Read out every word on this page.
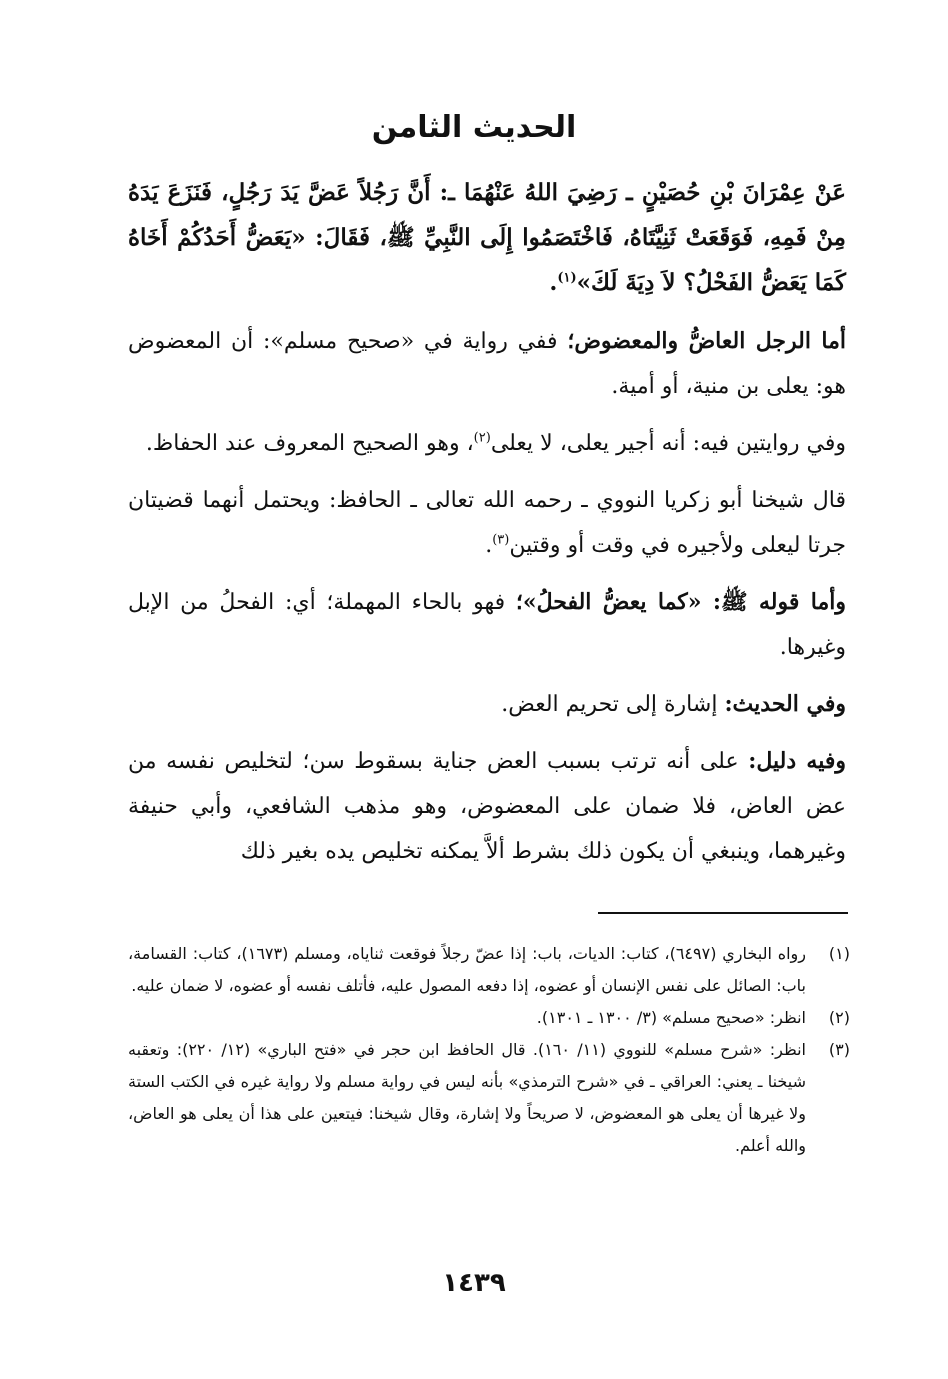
الحديث الثامن

عَنْ عِمْرَانَ بْنِ حُصَيْنٍ ـ رَضِيَ اللهُ عَنْهُمَا ـ: أَنَّ رَجُلاً عَضَّ يَدَ رَجُلٍ، فَنَزَعَ يَدَهُ مِنْ فَمِهِ، فَوَقَعَتْ ثَنِيَّتَاهُ، فَاخْتَصَمُوا إِلَى النَّبِيِّ ﷺ، فَقَالَ: «يَعَضُّ أَحَدُكُمْ أَخَاهُ كَمَا يَعَضُّ الفَحْلُ؟ لاَ دِيَةَ لَكَ»$^{(١)}$.

أما الرجل العاضُّ والمعضوض؛ ففي رواية في «صحيح مسلم»: أن المعضوض هو: يعلى بن منية، أو أمية.

وفي روايتين فيه: أنه أجير يعلى، لا يعلى$^{(٢)}$، وهو الصحيح المعروف عند الحفاظ.

قال شيخنا أبو زكريا النووي ـ رحمه الله تعالى ـ الحافظ: ويحتمل أنهما قضيتان جرتا ليعلى ولأجيره في وقت أو وقتين$^{(٣)}$.

وأما قوله ﷺ: «كما يعضُّ الفحلُ»؛ فهو بالحاء المهملة؛ أي: الفحلُ من الإبل وغيرها.

وفي الحديث: إشارة إلى تحريم العض.

وفيه دليل: على أنه ترتب بسبب العض جناية بسقوط سن؛ لتخليص نفسه من عض العاض، فلا ضمان على المعضوض، وهو مذهب الشافعي، وأبي حنيفة وغيرهما، وينبغي أن يكون ذلك بشرط ألاَّ يمكنه تخليص يده بغير ذلك

(١)
رواه البخاري (٦٤٩٧)، كتاب: الديات، باب: إذا عضّ رجلاً فوقعت ثناياه، ومسلم (١٦٧٣)، كتاب: القسامة، باب: الصائل على نفس الإنسان أو عضوه، إذا دفعه المصول عليه، فأتلف نفسه أو عضوه، لا ضمان عليه.
(٢)
انظر: «صحيح مسلم» (٣/ ١٣٠٠ ـ ١٣٠١).
(٣)
انظر: «شرح مسلم» للنووي (١١/ ١٦٠). قال الحافظ ابن حجر في «فتح الباري» (١٢/ ٢٢٠): وتعقبه شيخنا ـ يعني: العراقي ـ في «شرح الترمذي» بأنه ليس في رواية مسلم ولا رواية غيره في الكتب الستة ولا غيرها أن يعلى هو المعضوض، لا صريحاً ولا إشارة، وقال شيخنا: فيتعين على هذا أن يعلى هو العاض، والله أعلم.
١٤٣٩
